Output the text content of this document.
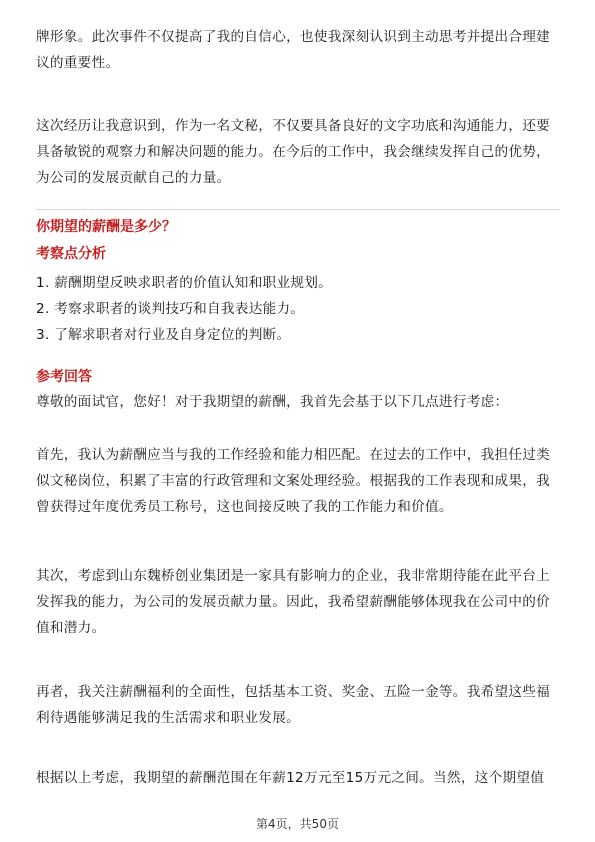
牌形象。此次事件不仅提高了我的自信心，也使我深刻认识到主动思考并提出合理建议的重要性。

这次经历让我意识到，作为一名文秘，不仅要具备良好的文字功底和沟通能力，还要具备敏锐的观察力和解决问题的能力。在今后的工作中，我会继续发挥自己的优势，为公司的发展贡献自己的力量。

你期望的薪酬是多少？

考察点分析

1. 薪酬期望反映求职者的价值认知和职业规划。
2. 考察求职者的谈判技巧和自我表达能力。
3. 了解求职者对行业及自身定位的判断。

参考回答

尊敬的面试官，您好！对于我期望的薪酬，我首先会基于以下几点进行考虑：

首先，我认为薪酬应当与我的工作经验和能力相匹配。在过去的工作中，我担任过类似文秘岗位，积累了丰富的行政管理和文案处理经验。根据我的工作表现和成果，我曾获得过年度优秀员工称号，这也间接反映了我的工作能力和价值。

其次，考虑到山东魏桥创业集团是一家具有影响力的企业，我非常期待能在此平台上发挥我的能力，为公司的发展贡献力量。因此，我希望薪酬能够体现我在公司中的价值和潜力。

再者，我关注薪酬福利的全面性，包括基本工资、奖金、五险一金等。我希望这些福利待遇能够满足我的生活需求和职业发展。

根据以上考虑，我期望的薪酬范围在年薪12万元至15万元之间。当然，这个期望值

第4页，共50页
